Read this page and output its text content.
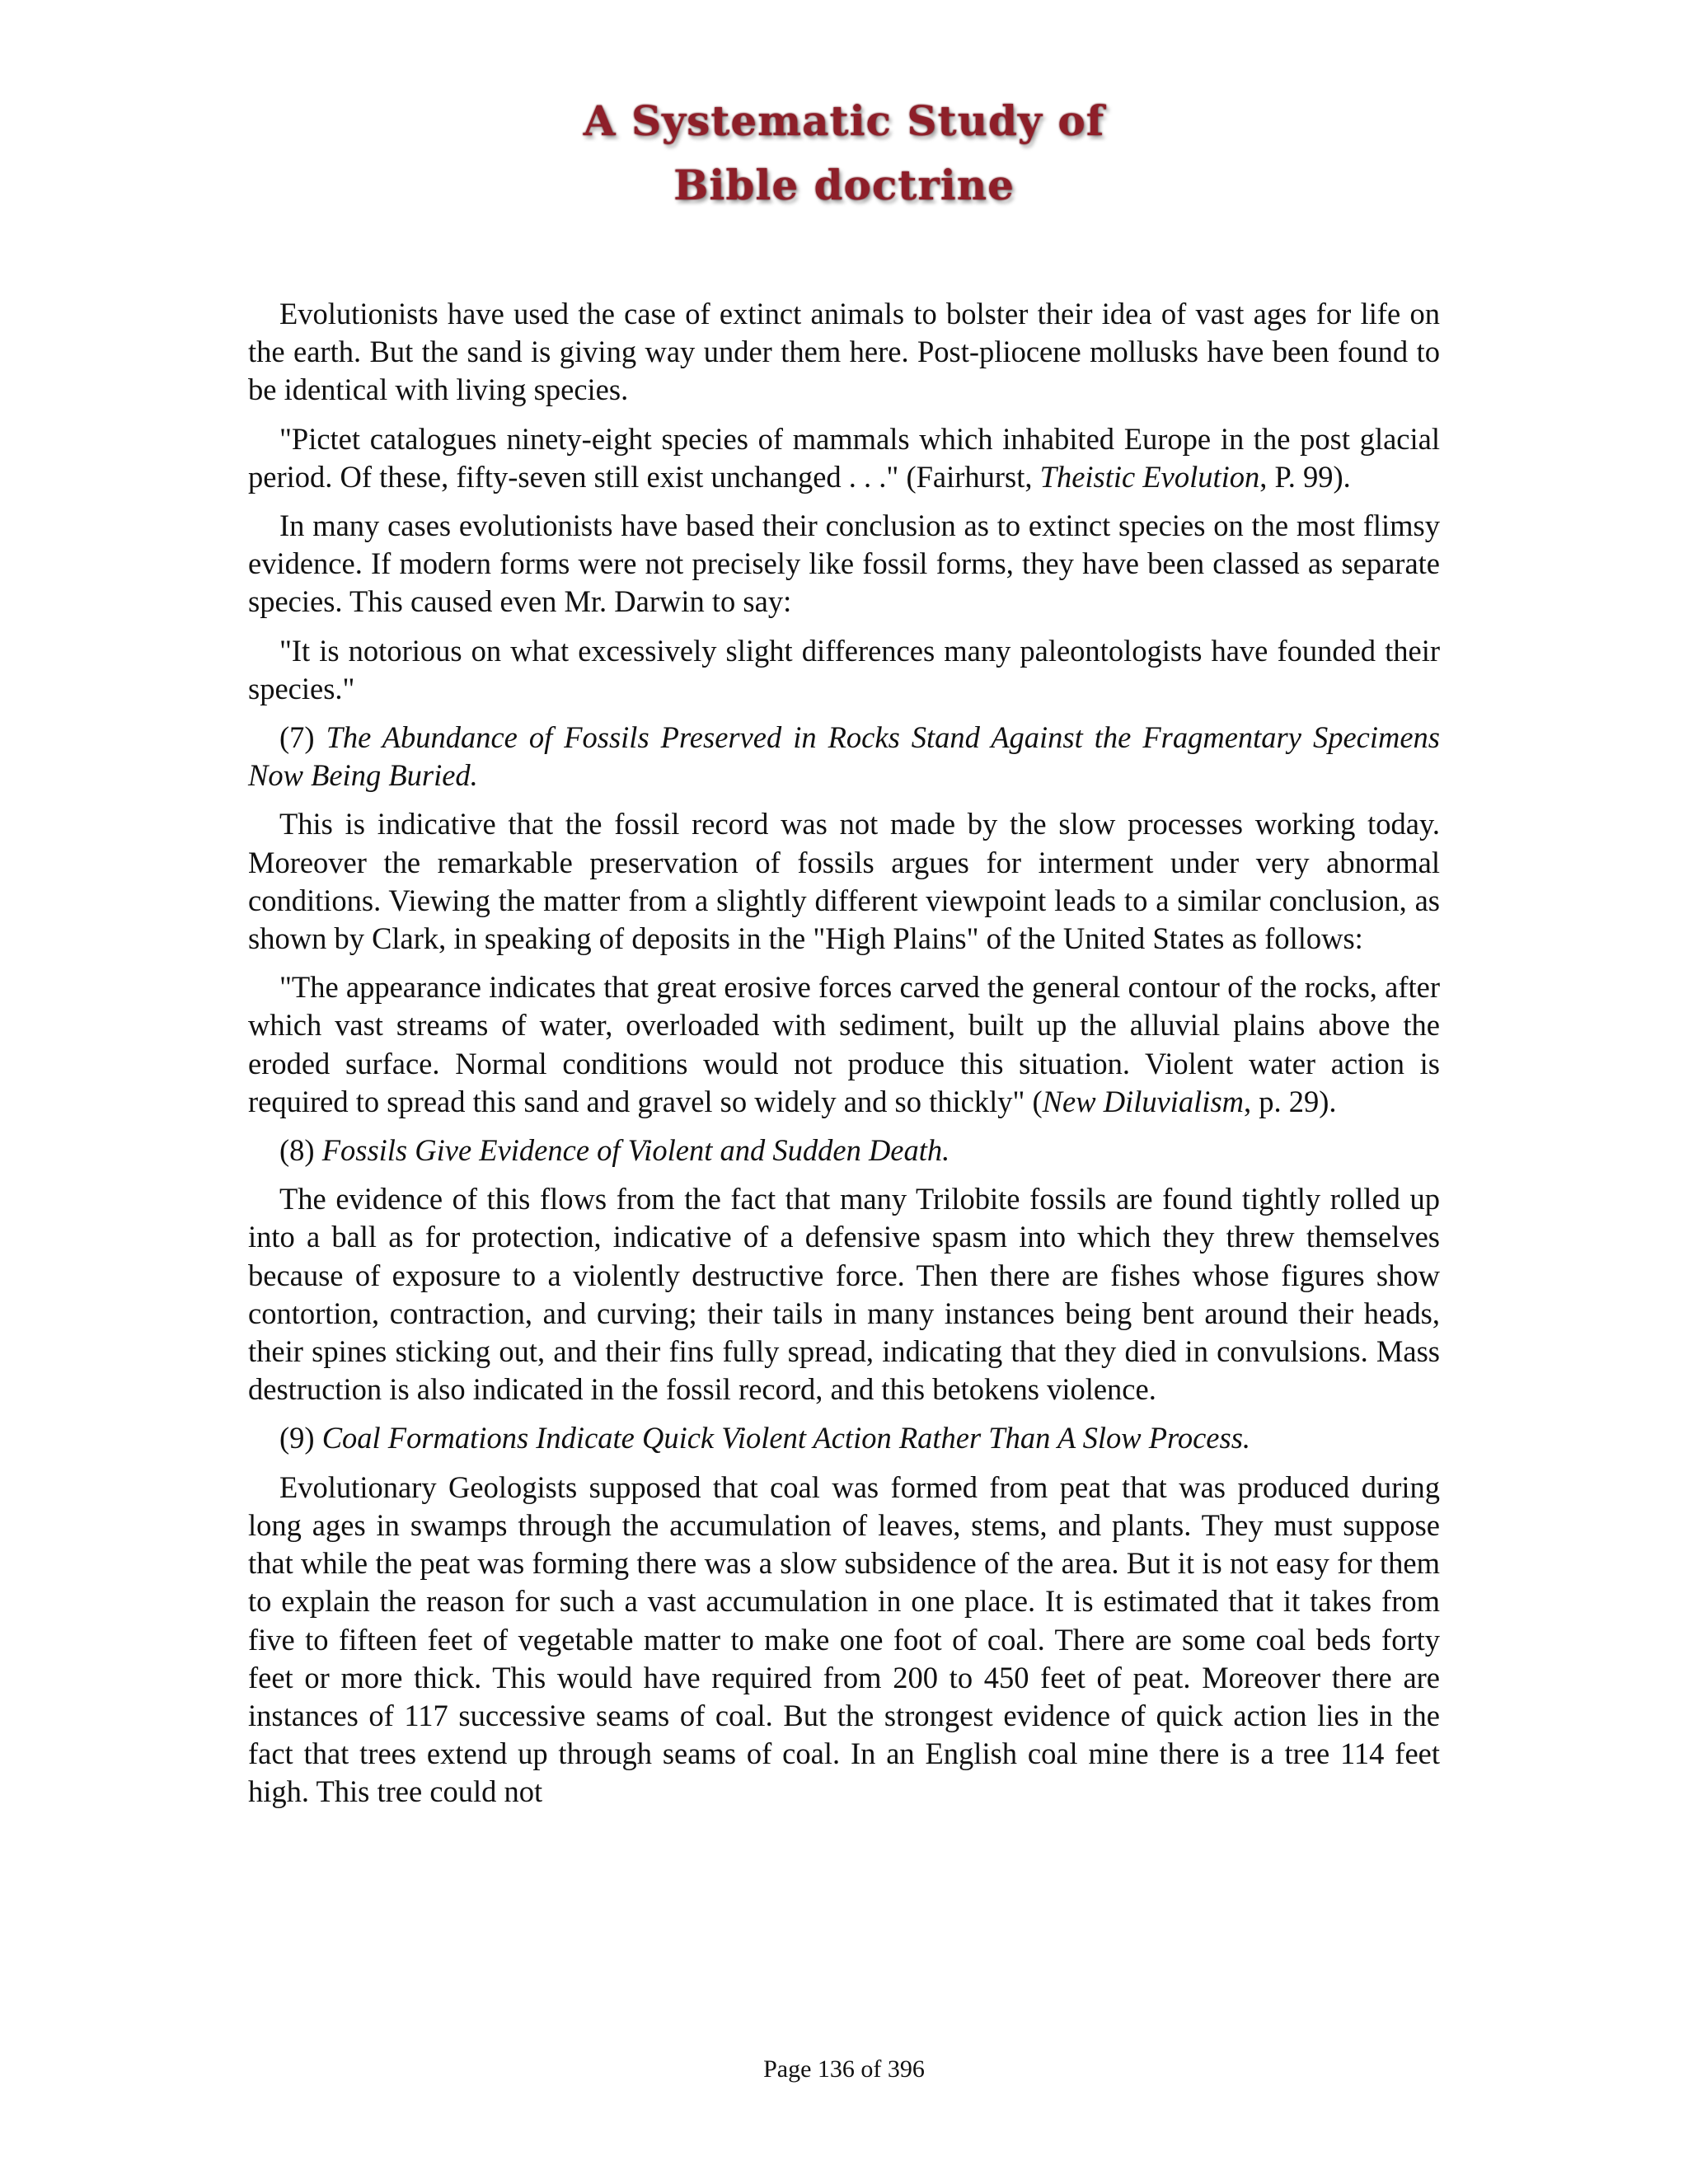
A Systematic Study of
Bible doctrine

Evolutionists have used the case of extinct animals to bolster their idea of vast ages for life on the earth. But the sand is giving way under them here. Post-pliocene mollusks have been found to be identical with living species.

"Pictet catalogues ninety-eight species of mammals which inhabited Europe in the post glacial period. Of these, fifty-seven still exist unchanged . . ." (Fairhurst, Theistic Evolution, P. 99).

In many cases evolutionists have based their conclusion as to extinct species on the most flimsy evidence. If modern forms were not precisely like fossil forms, they have been classed as separate species. This caused even Mr. Darwin to say:

"It is notorious on what excessively slight differences many paleontologists have founded their species."

(7) The Abundance of Fossils Preserved in Rocks Stand Against the Fragmentary Specimens Now Being Buried.

This is indicative that the fossil record was not made by the slow processes working today. Moreover the remarkable preservation of fossils argues for interment under very abnormal conditions. Viewing the matter from a slightly different viewpoint leads to a similar conclusion, as shown by Clark, in speaking of deposits in the "High Plains" of the United States as follows:

"The appearance indicates that great erosive forces carved the general contour of the rocks, after which vast streams of water, overloaded with sediment, built up the alluvial plains above the eroded surface. Normal conditions would not produce this situation. Violent water action is required to spread this sand and gravel so widely and so thickly" (New Diluvialism, p. 29).

(8) Fossils Give Evidence of Violent and Sudden Death.

The evidence of this flows from the fact that many Trilobite fossils are found tightly rolled up into a ball as for protection, indicative of a defensive spasm into which they threw themselves because of exposure to a violently destructive force. Then there are fishes whose figures show contortion, contraction, and curving; their tails in many instances being bent around their heads, their spines sticking out, and their fins fully spread, indicating that they died in convulsions. Mass destruction is also indicated in the fossil record, and this betokens violence.

(9) Coal Formations Indicate Quick Violent Action Rather Than A Slow Process.

Evolutionary Geologists supposed that coal was formed from peat that was produced during long ages in swamps through the accumulation of leaves, stems, and plants. They must suppose that while the peat was forming there was a slow subsidence of the area. But it is not easy for them to explain the reason for such a vast accumulation in one place. It is estimated that it takes from five to fifteen feet of vegetable matter to make one foot of coal. There are some coal beds forty feet or more thick. This would have required from 200 to 450 feet of peat. Moreover there are instances of 117 successive seams of coal. But the strongest evidence of quick action lies in the fact that trees extend up through seams of coal. In an English coal mine there is a tree 114 feet high. This tree could not

Page 136 of 396
